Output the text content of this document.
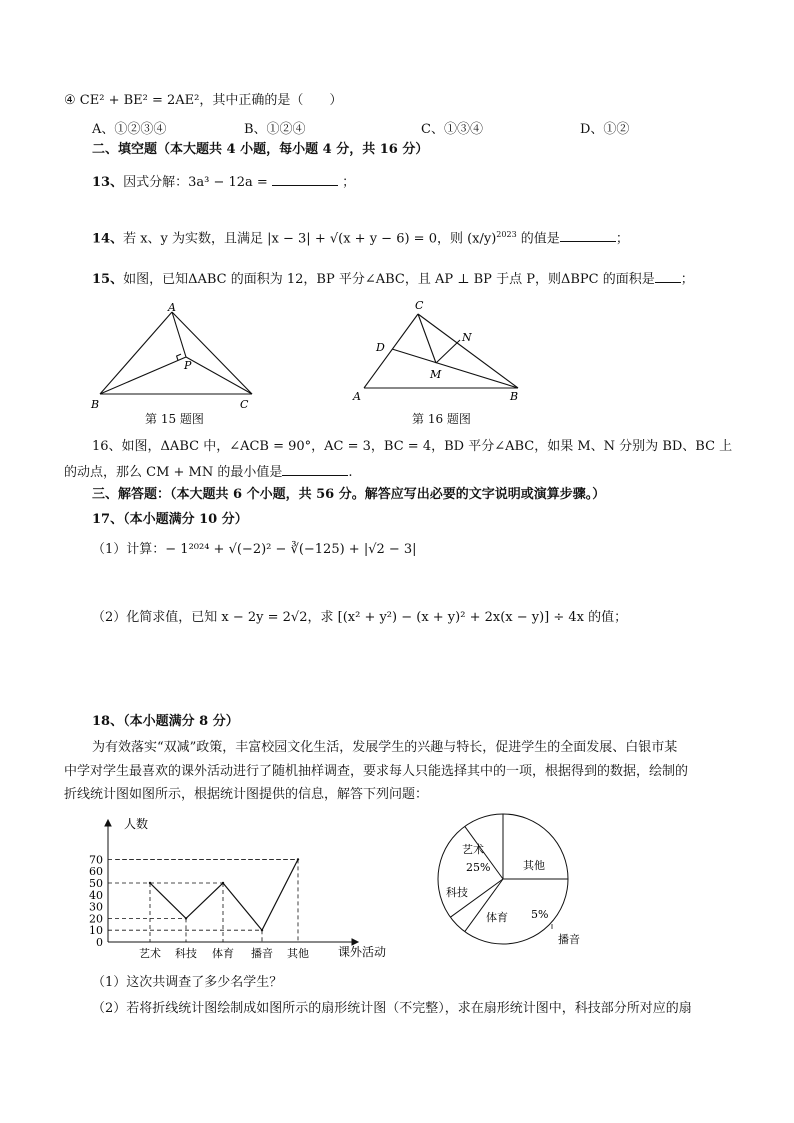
④ CE² + BE² = 2AE²，其中正确的是（　　）
A、①②③④	B、①②④	C、①③④	D、①②
二、填空题（本大题共 4 小题，每小题 4 分，共 16 分）
13、因式分解：3a³ − 12a =	；
14、若 x、y 为实数，且满足 |x − 3| + √(x + y − 6) = 0，则 $(x/y)^{2023}$ 的值是	；
15、如图，已知ΔABC 的面积为 12，BP 平分∠ABC，且 AP ⊥ BP 于点 P，则ΔBPC 的面积是 ；
A
B	C
P
第 15 题图
C
D
N
M
A	B
第 16 题图
16、如图，ΔABC 中，∠ACB = 90°，AC = 3，BC = 4，BD 平分∠ABC，如果 M、N 分别为 BD、BC 上
的动点，那么 CM + MN 的最小值是	.
三、解答题：（本大题共 6 个小题，共 56 分。解答应写出必要的文字说明或演算步骤。）
17、（本小题满分 10 分）
（1）计算：− 1²⁰²⁴ + √(−2)² − ∛(−125) + |√2 − 3|
（2）化简求值，已知 x − 2y = 2√2，求 [(x² + y²) − (x + y)² + 2x(x − y)] ÷ 4x 的值；
18、（本小题满分 8 分）
为有效落实“双减”政策，丰富校园文化生活，发展学生的兴趣与特长，促进学生的全面发展、白银市某
中学对学生最喜欢的课外活动进行了随机抽样调查，要求每人只能选择其中的一项，根据得到的数据，绘制的
折线统计图如图所示，根据统计图提供的信息，解答下列问题：
0
10
20
30
40
50
60
70
艺术 科技 体育 播音 其他
人数
课外活动
艺术
25%	其他
科技
体育 5%
播音
（1）这次共调查了多少名学生？
（2）若将折线统计图绘制成如图所示的扇形统计图（不完整），求在扇形统计图中，科技部分所对应的扇
